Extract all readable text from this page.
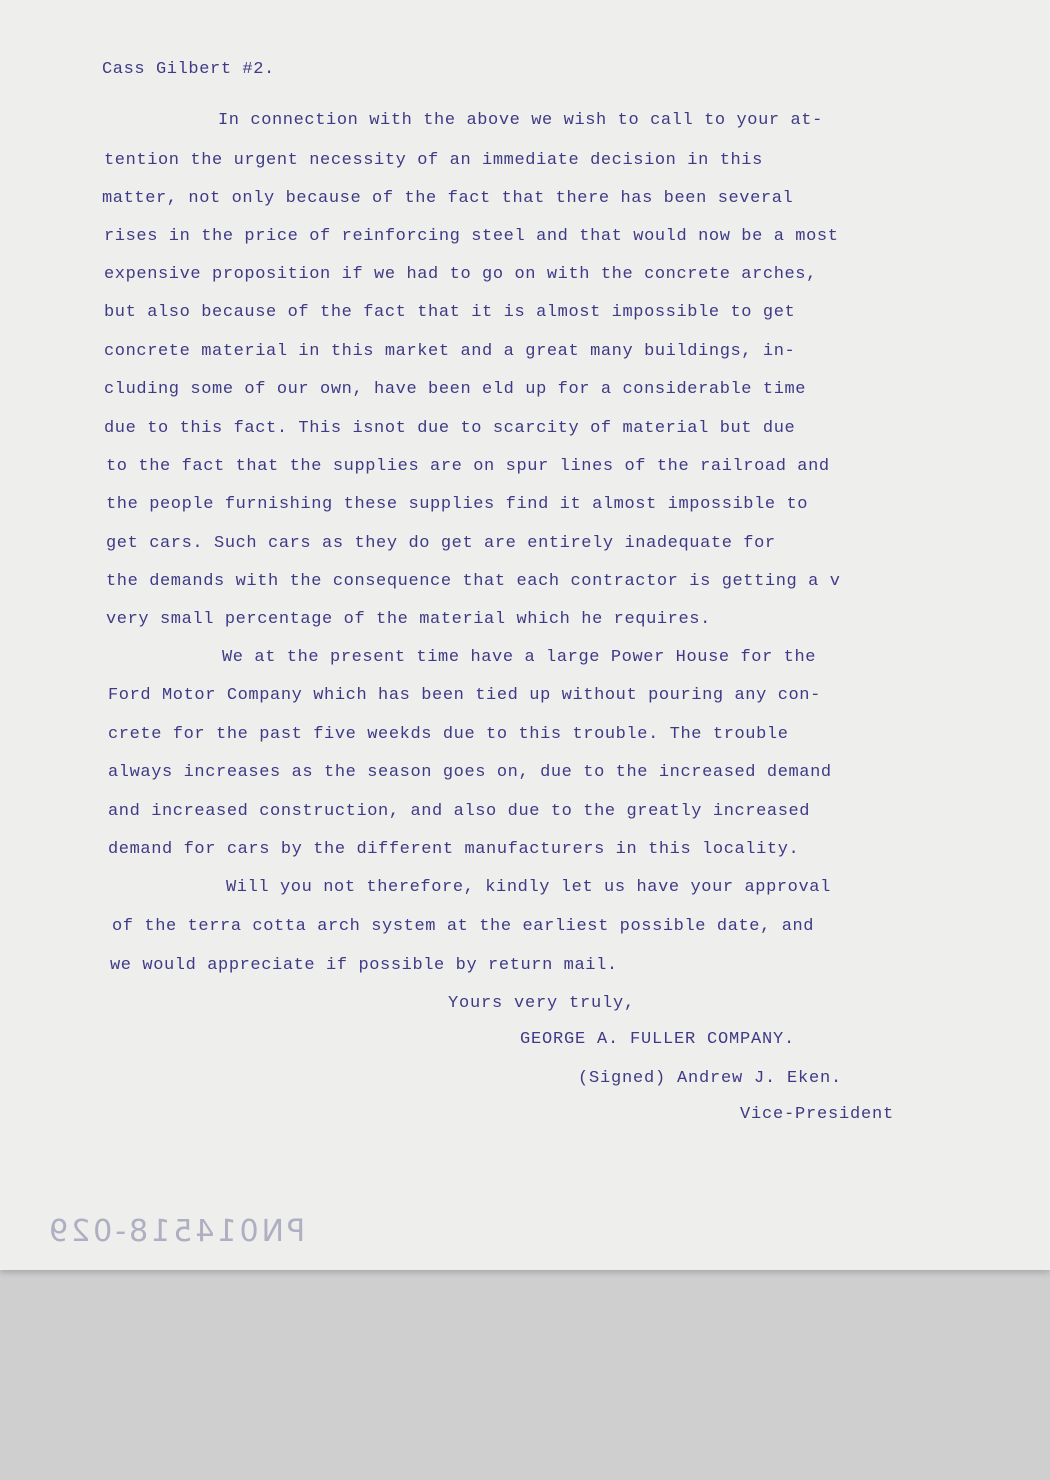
Cass Gilbert #2.
In connection with the above we wish to call to your at-
tention the urgent necessity of an immediate decision in this
matter, not only because of the fact that there has been several
rises in the price of reinforcing steel and that would now be a most
expensive proposition if we had to go on with the concrete arches,
but also because of the fact that it is almost impossible to get
concrete material in this market and a great many buildings, in-
cluding some of our own, have been eld up for a considerable time
due to this fact. This isnot due to scarcity of material but due
to the fact that the supplies are on spur lines of the railroad and
the people furnishing these supplies find it almost impossible to
get cars. Such cars as they do get are entirely inadequate for
the demands with the consequence that each contractor is getting a v
very small percentage of the material which he requires.
We at the present time have a large Power House for the
Ford Motor Company which has been tied up without pouring any con-
crete for the past five weekds due to this trouble. The trouble
always increases as the season goes on, due to the increased demand
and increased construction, and also due to the greatly increased
demand for cars by the different manufacturers in this locality.
Will you not therefore, kindly let us have your approval
of the terra cotta arch system at the earliest possible date, and
we would appreciate if possible by return mail.
Yours very truly,
GEORGE A. FULLER COMPANY.
(Signed) Andrew J. Eken.
Vice-President
PN014518-029
